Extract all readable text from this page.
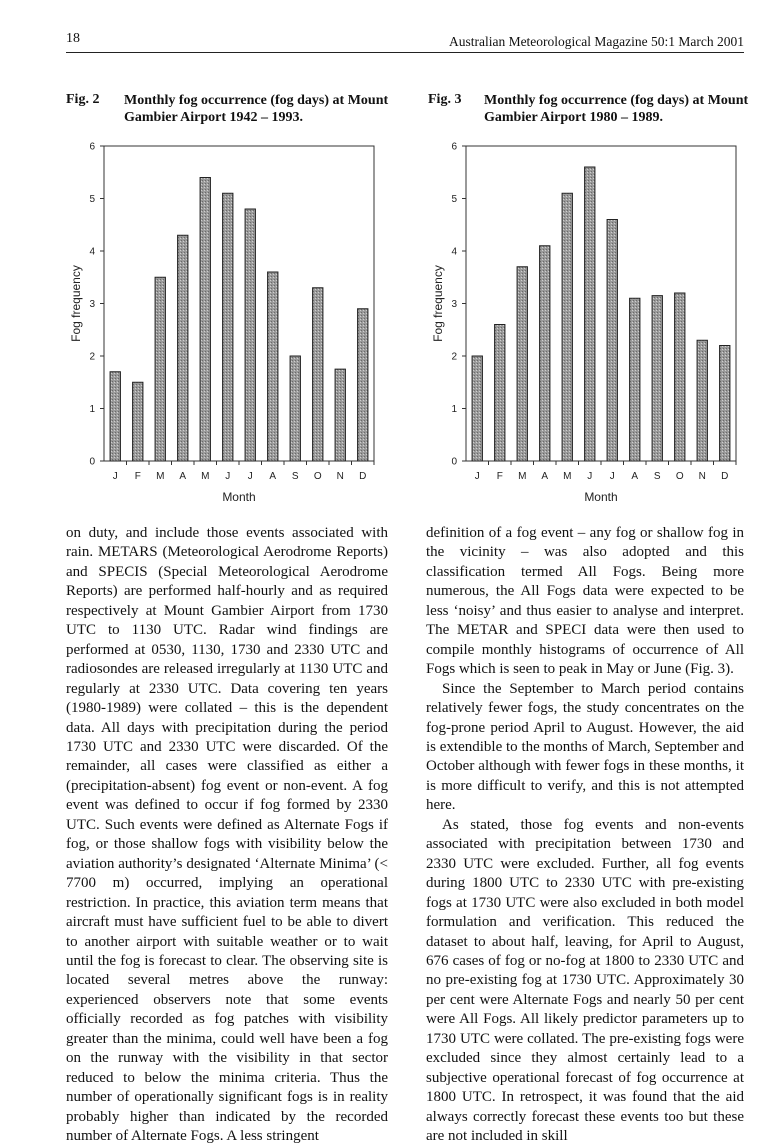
18	Australian Meteorological Magazine 50:1 March 2001
Fig. 2 Monthly fog occurrence (fog days) at Mount
Gambier Airport 1942 – 1993.
0
1
2
3
4
5
6
J F M A M J J A S O N D
Month
Fog frequency
Fig. 3 Monthly fog occurrence (fog days) at Mount
Gambier Airport 1980 – 1989.
0
1
2
3
4
5
6
J F M A M J J A S O N D
Month
Fog frequency

on duty, and include those events associated with rain. METARS (Meteorological Aerodrome Reports) and SPECIS (Special Meteorological Aerodrome Reports) are performed half-hourly and as required respectively at Mount Gambier Airport from 1730 UTC to 1130 UTC. Radar wind findings are performed at 0530, 1130, 1730 and 2330 UTC and radiosondes are released irregularly at 1130 UTC and regularly at 2330 UTC. Data covering ten years (1980-1989) were collated – this is the dependent data. All days with precipitation during the period 1730 UTC and 2330 UTC were discarded. Of the remainder, all cases were classified as either a (precipitation-absent) fog event or non-event. A fog event was defined to occur if fog formed by 2330 UTC. Such events were defined as Alternate Fogs if fog, or those shallow fogs with visibility below the aviation authority’s designated ‘Alternate Minima’ (< 7700 m) occurred, implying an operational restriction. In practice, this aviation term means that aircraft must have sufficient fuel to be able to divert to another airport with suitable weather or to wait until the fog is forecast to clear. The observing site is located several metres above the runway: experienced observers note that some events officially recorded as fog patches with visibility greater than the minima, could well have been a fog on the runway with the visibility in that sector reduced to below the minima criteria. Thus the number of operationally significant fogs is in reality probably higher than indicated by the recorded number of Alternate Fogs. A less stringent

definition of a fog event – any fog or shallow fog in the vicinity – was also adopted and this classification termed All Fogs. Being more numerous, the All Fogs data were expected to be less ‘noisy’ and thus easier to analyse and interpret. The METAR and SPECI data were then used to compile monthly histograms of occurrence of All Fogs which is seen to peak in May or June (Fig. 3).

Since the September to March period contains relatively fewer fogs, the study concentrates on the fog-prone period April to August. However, the aid is extendible to the months of March, September and October although with fewer fogs in these months, it is more difficult to verify, and this is not attempted here.

As stated, those fog events and non-events associated with precipitation between 1730 and 2330 UTC were excluded. Further, all fog events during 1800 UTC to 2330 UTC with pre-existing fogs at 1730 UTC were also excluded in both model formulation and verification. This reduced the dataset to about half, leaving, for April to August, 676 cases of fog or no-fog at 1800 to 2330 UTC and no pre-existing fog at 1730 UTC. Approximately 30 per cent were Alternate Fogs and nearly 50 per cent were All Fogs. All likely predictor parameters up to 1730 UTC were collated. The pre-existing fogs were excluded since they almost certainly lead to a subjective operational forecast of fog occurrence at 1800 UTC. In retrospect, it was found that the aid always correctly forecast these events too but these are not included in skill
